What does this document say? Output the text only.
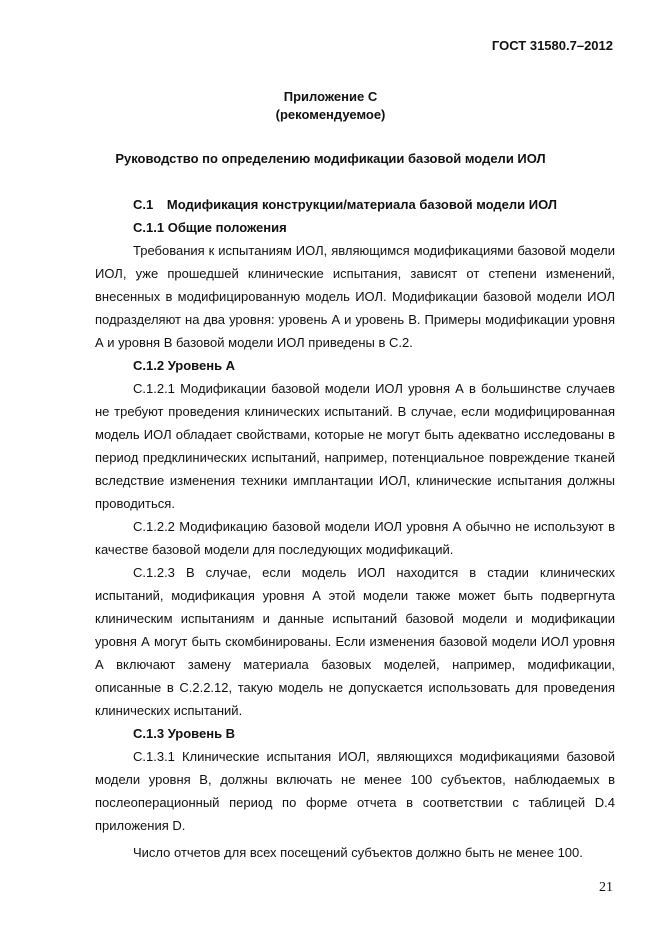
ГОСТ 31580.7–2012
Приложение С
(рекомендуемое)
Руководство по определению модификации базовой модели ИОЛ
С.1 Модификация конструкции/материала базовой модели ИОЛ
С.1.1 Общие положения
Требования к испытаниям ИОЛ, являющимся модификациями базовой модели ИОЛ, уже прошедшей клинические испытания, зависят от степени изменений, внесенных в модифицированную модель ИОЛ. Модификации базовой модели ИОЛ подразделяют на два уровня: уровень А и уровень В. Примеры модификации уровня А и уровня В базовой модели ИОЛ приведены в С.2.
С.1.2 Уровень А
С.1.2.1 Модификации базовой модели ИОЛ уровня А в большинстве случаев не требуют проведения клинических испытаний. В случае, если модифицированная модель ИОЛ обладает свойствами, которые не могут быть адекватно исследованы в период предклинических испытаний, например, потенциальное повреждение тканей вследствие изменения техники имплантации ИОЛ, клинические испытания должны проводиться.
С.1.2.2 Модификацию базовой модели ИОЛ уровня А обычно не используют в качестве базовой модели для последующих модификаций.
С.1.2.3 В случае, если модель ИОЛ находится в стадии клинических испытаний, модификация уровня А этой модели также может быть подвергнута клиническим испытаниям и данные испытаний базовой модели и модификации уровня А могут быть скомбинированы. Если изменения базовой модели ИОЛ уровня А включают замену материала базовых моделей, например, модификации, описанные в С.2.2.12, такую модель не допускается использовать для проведения клинических испытаний.
С.1.3 Уровень В
С.1.3.1 Клинические испытания ИОЛ, являющихся модификациями базовой модели уровня В, должны включать не менее 100 субъектов, наблюдаемых в послеоперационный период по форме отчета в соответствии с таблицей D.4 приложения D.
Число отчетов для всех посещений субъектов должно быть не менее 100.
21
